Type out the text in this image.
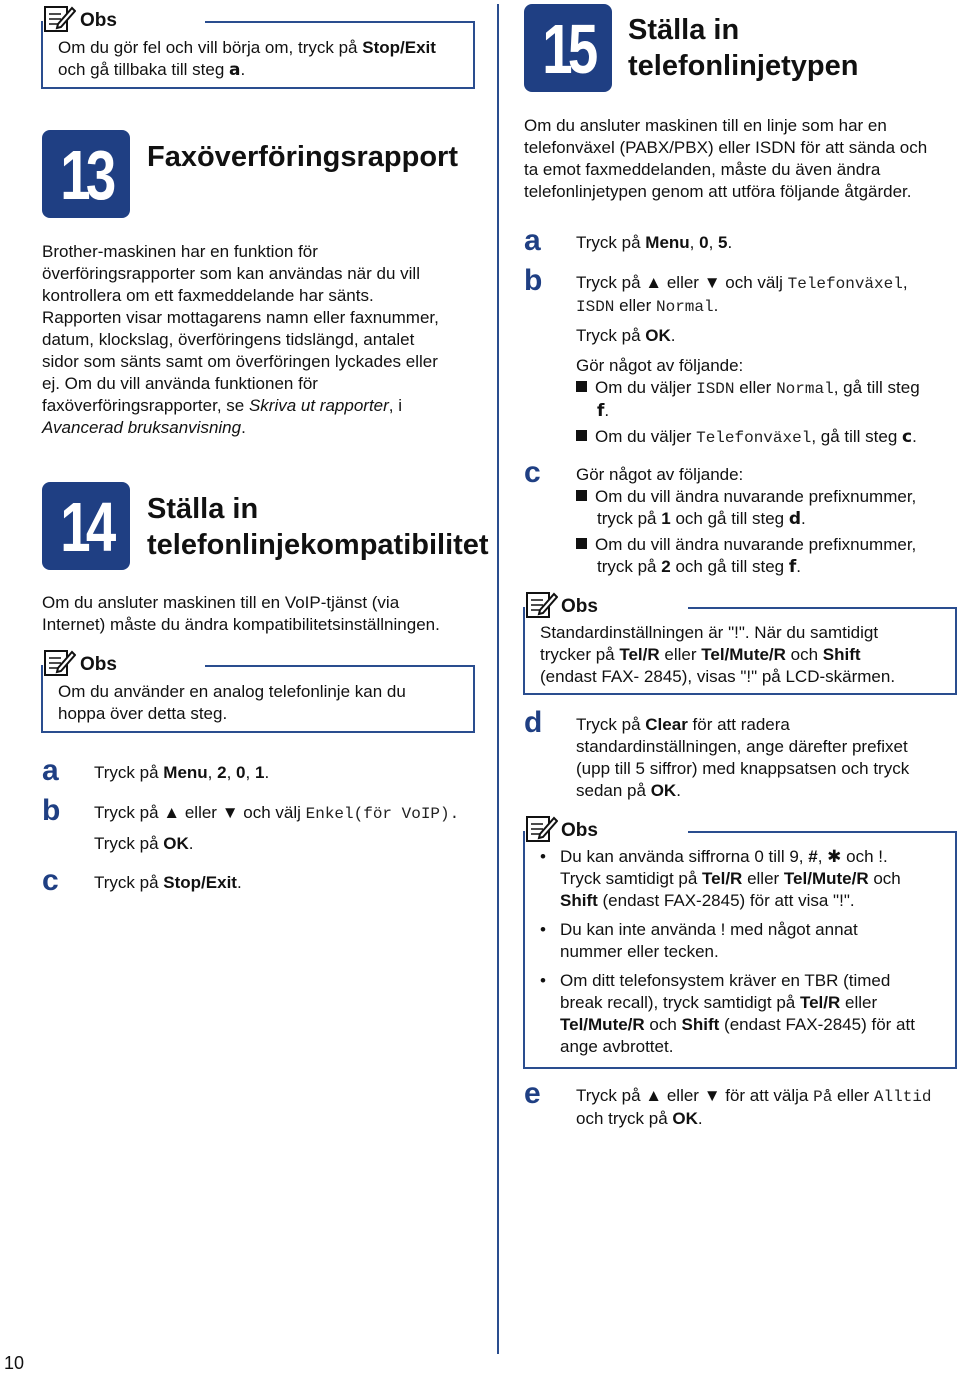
Obs
Om du gör fel och vill börja om, tryck på Stop/Exit
och gå tillbaka till steg a.
13	Faxöverföringsrapport
Brother-maskinen har en funktion för
överföringsrapporter som kan användas när du vill
kontrollera om ett faxmeddelande har sänts.
Rapporten visar mottagarens namn eller faxnummer,
datum, klockslag, överföringens tidslängd, antalet
sidor som sänts samt om överföringen lyckades eller
ej. Om du vill använda funktionen för
faxöverföringsrapporter, se Skriva ut rapporter, i
Avancerad bruksanvisning.
14	Ställa in
telefonlinjekompatibilitet
Om du ansluter maskinen till en VoIP-tjänst (via
Internet) måste du ändra kompatibilitetsinställningen.
Obs
Om du använder en analog telefonlinje kan du
hoppa över detta steg.
a Tryck på Menu, 2, 0, 1.
b Tryck på ▲ eller ▼ och välj Enkel(för VoIP).
Tryck på OK.
c Tryck på Stop/Exit.
15	Ställa in telefonlinjetypen
Om du ansluter maskinen till en linje som har en
telefonväxel (PABX/PBX) eller ISDN för att sända och
ta emot faxmeddelanden, måste du även ändra
telefonlinjetypen genom att utföra följande åtgärder.
a Tryck på Menu, 0, 5.
b Tryck på ▲ eller ▼ och välj Telefonväxel,
ISDN eller Normal.
Tryck på OK.
Gör något av följande:
Om du väljer ISDN eller Normal, gå till steg
f.
Om du väljer Telefonväxel, gå till steg c.
c Gör något av följande:
Om du vill ändra nuvarande prefixnummer,
tryck på 1 och gå till steg d.
Om du vill ändra nuvarande prefixnummer,
tryck på 2 och gå till steg f.
Obs
Standardinställningen är "!". När du samtidigt
trycker på Tel/R eller Tel/Mute/R och Shift
(endast FAX- 2845), visas "!" på LCD-skärmen.
d Tryck på Clear för att radera
standardinställningen, ange därefter prefixet
(upp till 5 siffror) med knappsatsen och tryck
sedan på OK.
Obs
• Du kan använda siffrorna 0 till 9, #, ✱ och !.
Tryck samtidigt på Tel/R eller Tel/Mute/R och
Shift (endast FAX-2845) för att visa "!".
• Du kan inte använda ! med något annat
nummer eller tecken.
• Om ditt telefonsystem kräver en TBR (timed
break recall), tryck samtidigt på Tel/R eller
Tel/Mute/R och Shift (endast FAX-2845) för att
ange avbrottet.
e Tryck på ▲ eller ▼ för att välja På eller Alltid
och tryck på OK.
10
